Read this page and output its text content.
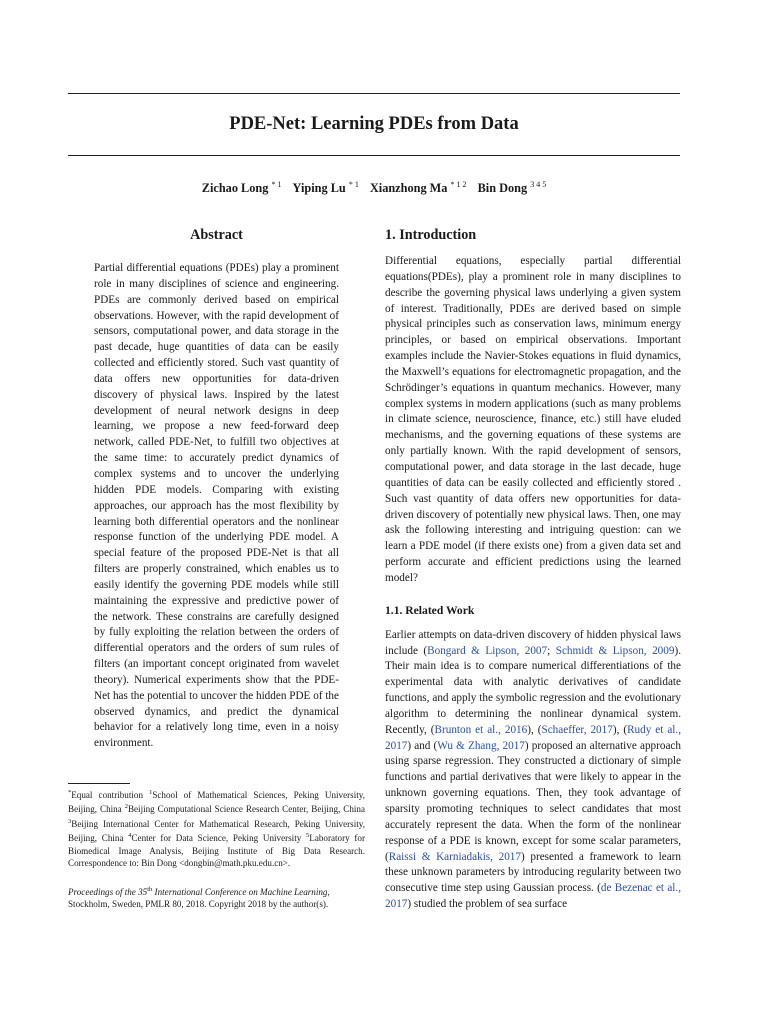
PDE-Net: Learning PDEs from Data
Zichao Long $^{* 1}$ Yiping Lu $^{* 1}$ Xianzhong Ma $^{* 1 2}$ Bin Dong $^{3 4 5}$
Abstract

Partial differential equations (PDEs) play a prominent role in many disciplines of science and engineering. PDEs are commonly derived based on empirical observations. However, with the rapid development of sensors, computational power, and data storage in the past decade, huge quantities of data can be easily collected and efficiently stored. Such vast quantity of data offers new opportunities for data-driven discovery of physical laws. Inspired by the latest development of neural network designs in deep learning, we propose a new feed-forward deep network, called PDE-Net, to fulfill two objectives at the same time: to accurately predict dynamics of complex systems and to uncover the underlying hidden PDE models. Comparing with existing approaches, our approach has the most flexibility by learning both differential operators and the nonlinear response function of the underlying PDE model. A special feature of the proposed PDE-Net is that all filters are properly constrained, which enables us to easily identify the governing PDE models while still maintaining the expressive and predictive power of the network. These constrains are carefully designed by fully exploiting the relation between the orders of differential operators and the orders of sum rules of filters (an important concept originated from wavelet theory). Numerical experiments show that the PDE-Net has the potential to uncover the hidden PDE of the observed dynamics, and predict the dynamical behavior for a relatively long time, even in a noisy environment.

*Equal contribution $^1$School of Mathematical Sciences, Peking University, Beijing, China $^2$Beijing Computational Science Research Center, Beijing, China $^3$Beijing International Center for Mathematical Research, Peking University, Beijing, China $^4$Center for Data Science, Peking University $^5$Laboratory for Biomedical Image Analysis, Beijing Institute of Big Data Research. Correspondence to: Bin Dong <dongbin@math.pku.edu.cn>.

Proceedings of the 35th International Conference on Machine Learning, Stockholm, Sweden, PMLR 80, 2018. Copyright 2018 by the author(s).

1. Introduction

Differential equations, especially partial differential equations(PDEs), play a prominent role in many disciplines to describe the governing physical laws underlying a given system of interest. Traditionally, PDEs are derived based on simple physical principles such as conservation laws, minimum energy principles, or based on empirical observations. Important examples include the Navier-Stokes equations in fluid dynamics, the Maxwell’s equations for electromagnetic propagation, and the Schrödinger’s equations in quantum mechanics. However, many complex systems in modern applications (such as many problems in climate science, neuroscience, finance, etc.) still have eluded mechanisms, and the governing equations of these systems are only partially known. With the rapid development of sensors, computational power, and data storage in the last decade, huge quantities of data can be easily collected and efficiently stored . Such vast quantity of data offers new opportunities for data-driven discovery of potentially new physical laws. Then, one may ask the following interesting and intriguing question: can we learn a PDE model (if there exists one) from a given data set and perform accurate and efficient predictions using the learned model?

1.1. Related Work

Earlier attempts on data-driven discovery of hidden physical laws include (Bongard & Lipson, 2007; Schmidt & Lipson, 2009). Their main idea is to compare numerical differentiations of the experimental data with analytic derivatives of candidate functions, and apply the symbolic regression and the evolutionary algorithm to determining the nonlinear dynamical system. Recently, (Brunton et al., 2016), (Schaeffer, 2017), (Rudy et al., 2017) and (Wu & Zhang, 2017) proposed an alternative approach using sparse regression. They constructed a dictionary of simple functions and partial derivatives that were likely to appear in the unknown governing equations. Then, they took advantage of sparsity promoting techniques to select candidates that most accurately represent the data. When the form of the nonlinear response of a PDE is known, except for some scalar parameters, (Raissi & Karniadakis, 2017) presented a framework to learn these unknown parameters by introducing regularity between two consecutive time step using Gaussian process. (de Bezenac et al., 2017) studied the problem of sea surface
